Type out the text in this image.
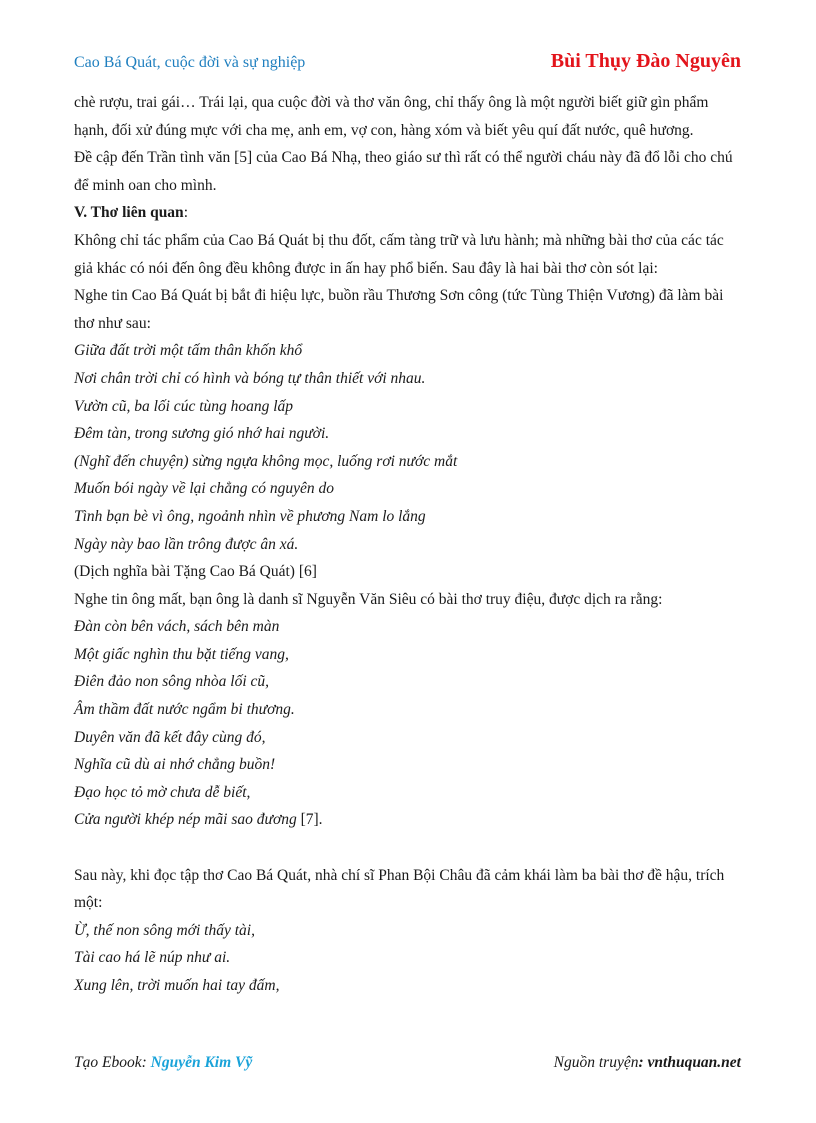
Cao Bá Quát, cuộc đời và sự nghiệp	Bùi Thụy Đào Nguyên

chè rượu, trai gái… Trái lại, qua cuộc đời và thơ văn ông, chỉ thấy ông là một người biết giữ gìn phẩm hạnh, đối xử đúng mực với cha mẹ, anh em, vợ con, hàng xóm và biết yêu quí đất nước, quê hương.

Đề cập đến Trần tình văn [5] của Cao Bá Nhạ, theo giáo sư thì rất có thể người cháu này đã đổ lỗi cho chú để minh oan cho mình.

V. Thơ liên quan:

Không chỉ tác phẩm của Cao Bá Quát bị thu đốt, cấm tàng trữ và lưu hành; mà những bài thơ của các tác giả khác có nói đến ông đều không được in ấn hay phổ biến. Sau đây là hai bài thơ còn sót lại:

Nghe tin Cao Bá Quát bị bắt đi hiệu lực, buồn rầu Thương Sơn công (tức Tùng Thiện Vương) đã làm bài thơ như sau:

Giữa đất trời một tấm thân khốn khổ

Nơi chân trời chỉ có hình và bóng tự thân thiết với nhau.

Vườn cũ, ba lối cúc tùng hoang lấp

Đêm tàn, trong sương gió nhớ hai người.

(Nghĩ đến chuyện) sừng ngựa không mọc, luống rơi nước mắt

Muốn bói ngày về lại chẳng có nguyên do

Tình bạn bè vì ông, ngoảnh nhìn về phương Nam lo lắng

Ngày này bao lần trông được ân xá.

(Dịch nghĩa bài Tặng Cao Bá Quát) [6]

Nghe tin ông mất, bạn ông là danh sĩ Nguyễn Văn Siêu có bài thơ truy điệu, được dịch ra rằng:

Đàn còn bên vách, sách bên màn

Một giấc nghìn thu bặt tiếng vang,

Điên đảo non sông nhòa lối cũ,

Âm thầm đất nước ngẩm bi thương.

Duyên văn đã kết đây cùng đó,

Nghĩa cũ dù ai nhớ chẳng buồn!

Đạo học tỏ mờ chưa dễ biết,

Cửa người khép nép mãi sao đương [7].

Sau này, khi đọc tập thơ Cao Bá Quát, nhà chí sĩ Phan Bội Châu đã cảm khái làm ba bài thơ đề hậu, trích một:

Ừ, thế non sông mới thấy tài,

Tài cao há lẽ núp như ai.

Xung lên, trời muốn hai tay đấm,

Tạo Ebook: Nguyễn Kim Vỹ	Nguồn truyện: vnthuquan.net
